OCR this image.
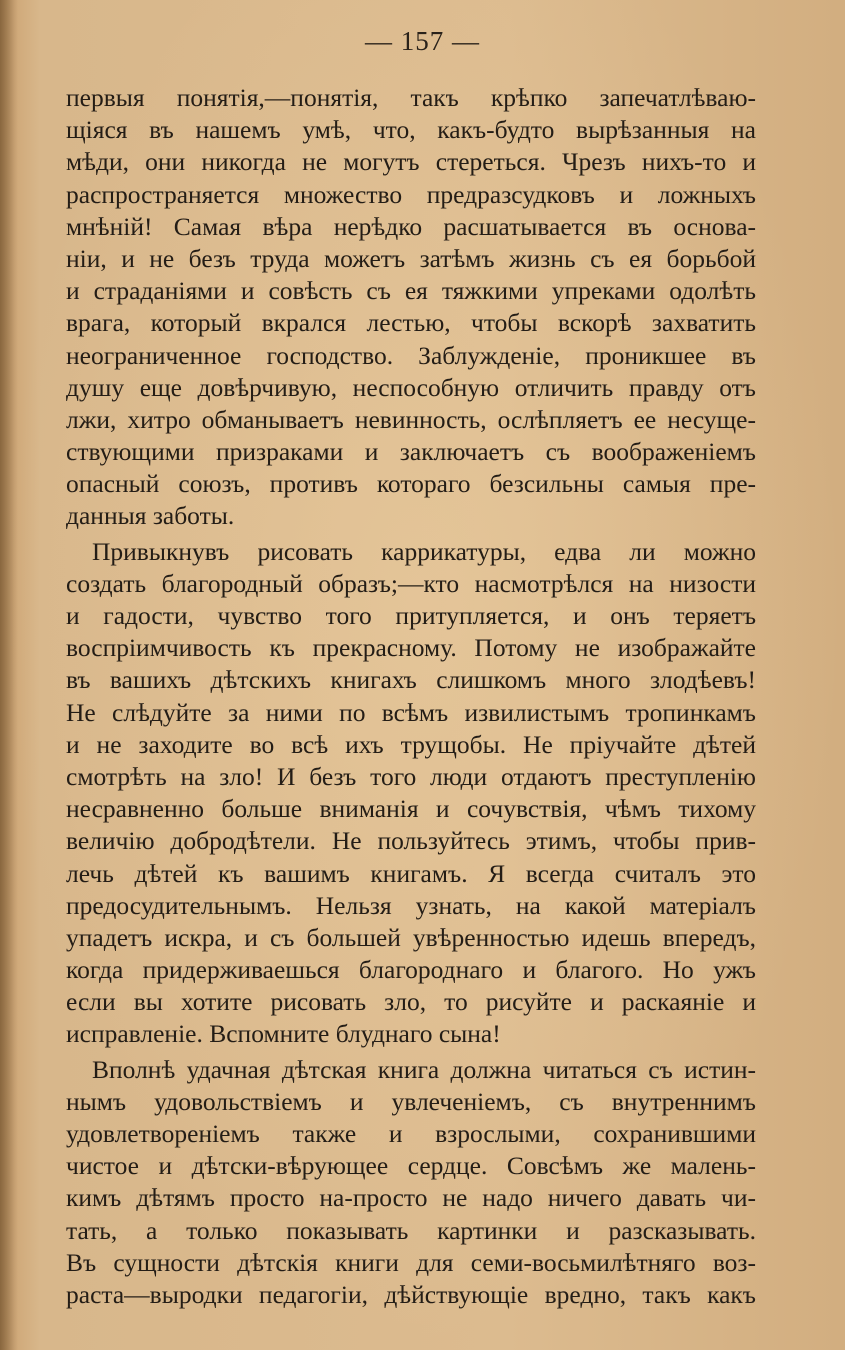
— 157 —
первыя понятія,—понятія, такъ крѣпко запечатлѣваю-
щіяся въ нашемъ умѣ, что, какъ-будто вырѣзанныя на
мѣди, они никогда не могутъ стереться. Чрезъ нихъ-то и
распространяется множество предразсудковъ и ложныхъ
мнѣній! Самая вѣра нерѣдко расшатывается въ основа-
ніи, и не безъ труда можетъ затѣмъ жизнь съ ея борьбой
и страданіями и совѣсть съ ея тяжкими упреками одолѣть
врага, который вкрался лестью, чтобы вскорѣ захватить
неограниченное господство. Заблужденіе, проникшее въ
душу еще довѣрчивую, неспособную отличить правду отъ
лжи, хитро обманываетъ невинность, ослѣпляетъ ее несуще-
ствующими призраками и заключаетъ съ воображеніемъ
опасный союзъ, противъ котораго безсильны самыя пре-
данныя заботы.
Привыкнувъ рисовать каррикатуры, едва ли можно
создать благородный образъ;—кто насмотрѣлся на низости
и гадости, чувство того притупляется, и онъ теряетъ
воспріимчивость къ прекрасному. Потому не изображайте
въ вашихъ дѣтскихъ книгахъ слишкомъ много злодѣевъ!
Не слѣдуйте за ними по всѣмъ извилистымъ тропинкамъ
и не заходите во всѣ ихъ трущобы. Не пріучайте дѣтей
смотрѣть на зло! И безъ того люди отдаютъ преступленію
несравненно больше вниманія и сочувствія, чѣмъ тихому
величію добродѣтели. Не пользуйтесь этимъ, чтобы прив-
лечь дѣтей къ вашимъ книгамъ. Я всегда считалъ это
предосудительнымъ. Нельзя узнать, на какой матеріалъ
упадетъ искра, и съ большей увѣренностью идешь впередъ,
когда придерживаешься благороднаго и благого. Но ужъ
если вы хотите рисовать зло, то рисуйте и раскаяніе и
исправленіе. Вспомните блуднаго сына!
Вполнѣ удачная дѣтская книга должна читаться съ истин-
нымъ удовольствіемъ и увлеченіемъ, съ внутреннимъ
удовлетвореніемъ также и взрослыми, сохранившими
чистое и дѣтски-вѣрующее сердце. Совсѣмъ же малень-
кимъ дѣтямъ просто на-просто не надо ничего давать чи-
тать, а только показывать картинки и разсказывать.
Въ сущности дѣтскія книги для семи-восьмилѣтняго воз-
раста—выродки педагогіи, дѣйствующіе вредно, такъ какъ
